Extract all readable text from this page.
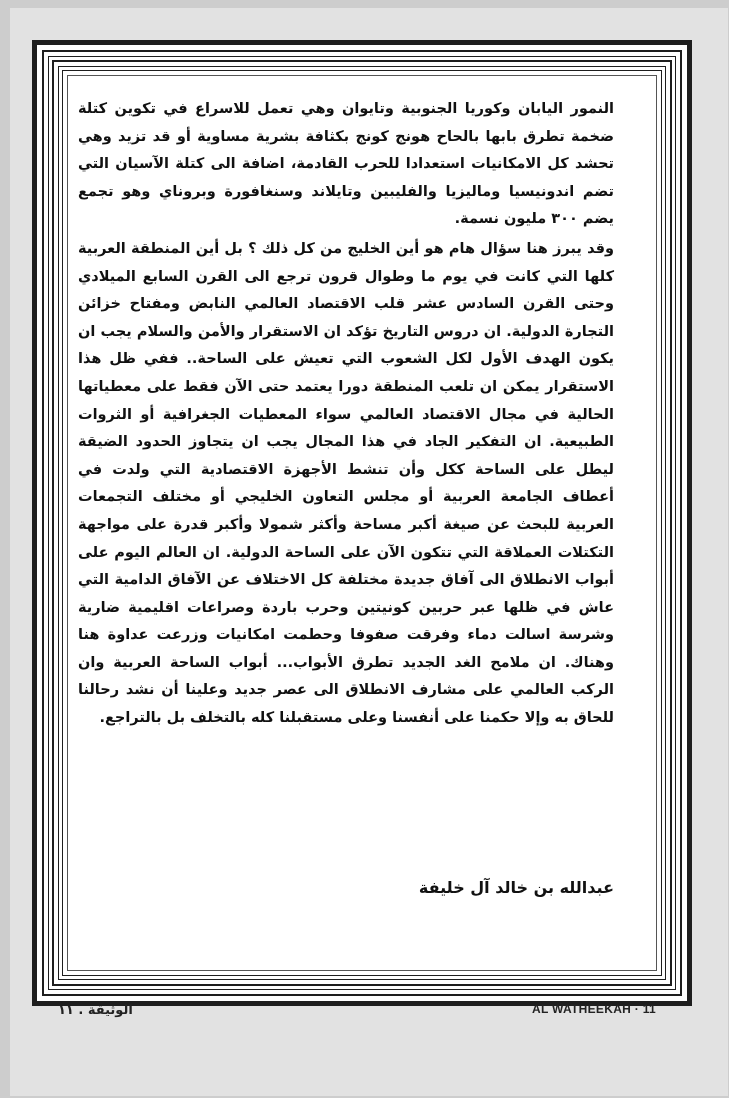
النمور اليابان وكوريا الجنوبية وتايوان وهي تعمل للاسراع في تكوين كتلة ضخمة تطرق بابها بالحاح هونج كونج بكثافة بشرية مساوية أو قد تزيد وهي تحشد كل الامكانيات استعدادا للحرب القادمة، اضافة الى كتلة الآسيان التي تضم اندونيسيا وماليزيا والفليبين وتايلاند وسنغافورة وبروناي وهو تجمع يضم ٣٠٠ مليون نسمة.

وقد يبرز هنا سؤال هام هو أين الخليج من كل ذلك ؟ بل أين المنطقة العربية كلها التي كانت في يوم ما وطوال قرون ترجع الى القرن السابع الميلادي وحتى القرن السادس عشر قلب الاقتصاد العالمي النابض ومفتاح خزائن التجارة الدولية. ان دروس التاريخ تؤكد ان الاستقرار والأمن والسلام يجب ان يكون الهدف الأول لكل الشعوب التي تعيش على الساحة.. ففي ظل هذا الاستقرار يمكن ان تلعب المنطقة دورا يعتمد حتى الآن فقط على معطياتها الحالية في مجال الاقتصاد العالمي سواء المعطيات الجغرافية أو الثروات الطبيعية. ان التفكير الجاد في هذا المجال يجب ان يتجاوز الحدود الضيقة ليطل على الساحة ككل وأن تنشط الأجهزة الاقتصادية التي ولدت في أعطاف الجامعة العربية أو مجلس التعاون الخليجي أو مختلف التجمعات العربية للبحث عن صيغة أكبر مساحة وأكثر شمولا وأكبر قدرة على مواجهة التكتلات العملاقة التي تتكون الآن على الساحة الدولية. ان العالم اليوم على أبواب الانطلاق الى آفاق جديدة مختلفة كل الاختلاف عن الآفاق الدامية التي عاش في ظلها عبر حربين كونيتين وحرب باردة وصراعات اقليمية ضارية وشرسة اسالت دماء وفرقت صفوفا وحطمت امكانيات وزرعت عداوة هنا وهناك. ان ملامح الغد الجديد تطرق الأبواب... أبواب الساحة العربية وان الركب العالمي على مشارف الانطلاق الى عصر جديد وعلينا أن نشد رحالنا للحاق به وإلا حكمنا على أنفسنا وعلى مستقبلنا كله بالتخلف بل بالتراجع.

عبدالله بن خالد آل خليفة
الوثيقة . ١١	AL WATHEEKAH · 11
